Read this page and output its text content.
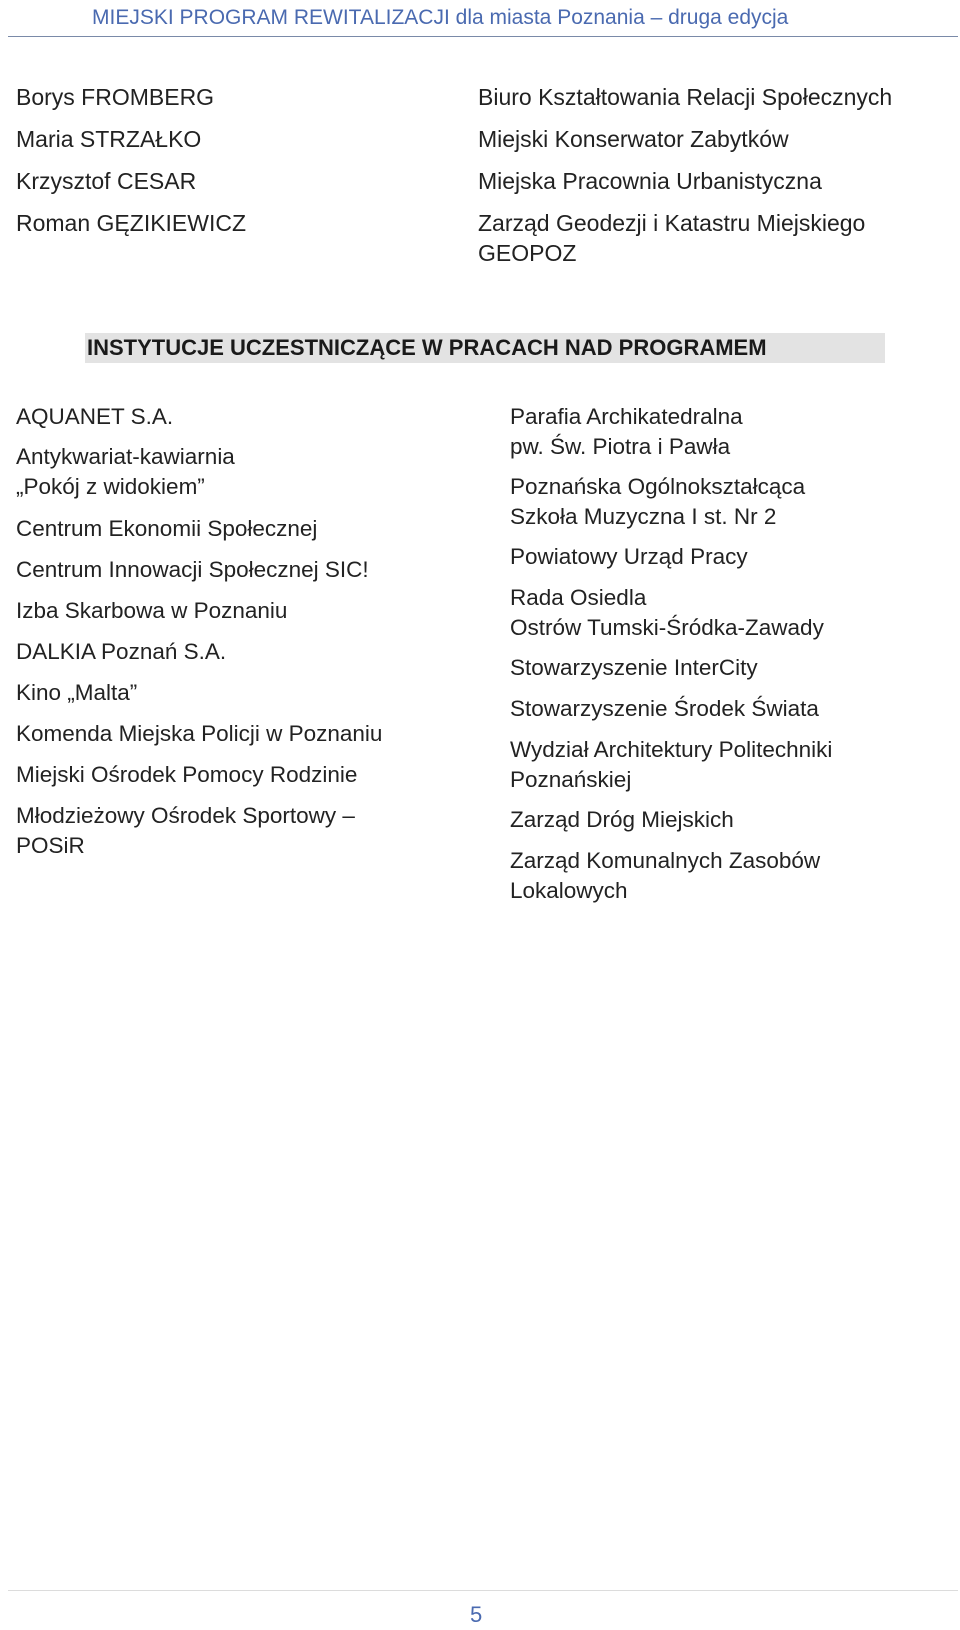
MIEJSKI PROGRAM REWITALIZACJI dla miasta Poznania – druga edycja
Borys FROMBERG
Maria STRZAŁKO
Krzysztof CESAR
Roman GĘZIKIEWICZ
Biuro Kształtowania Relacji Społecznych
Miejski Konserwator Zabytków
Miejska Pracownia Urbanistyczna
Zarząd Geodezji i Katastru Miejskiego
GEOPOZ
INSTYTUCJE UCZESTNICZĄCE W PRACACH NAD PROGRAMEM
AQUANET S.A.
Antykwariat-kawiarnia
„Pokój z widokiem”
Centrum Ekonomii Społecznej
Centrum Innowacji Społecznej SIC!
Izba Skarbowa w Poznaniu
DALKIA Poznań S.A.
Kino „Malta”
Komenda Miejska Policji w Poznaniu
Miejski Ośrodek Pomocy Rodzinie
Młodzieżowy Ośrodek Sportowy –
POSiR
Parafia Archikatedralna
pw. Św. Piotra i Pawła
Poznańska Ogólnokształcąca
Szkoła Muzyczna I st. Nr 2
Powiatowy Urząd Pracy
Rada Osiedla
Ostrów Tumski-Śródka-Zawady
Stowarzyszenie InterCity
Stowarzyszenie Środek Świata
Wydział Architektury Politechniki
Poznańskiej
Zarząd Dróg Miejskich
Zarząd Komunalnych Zasobów
Lokalowych
5
